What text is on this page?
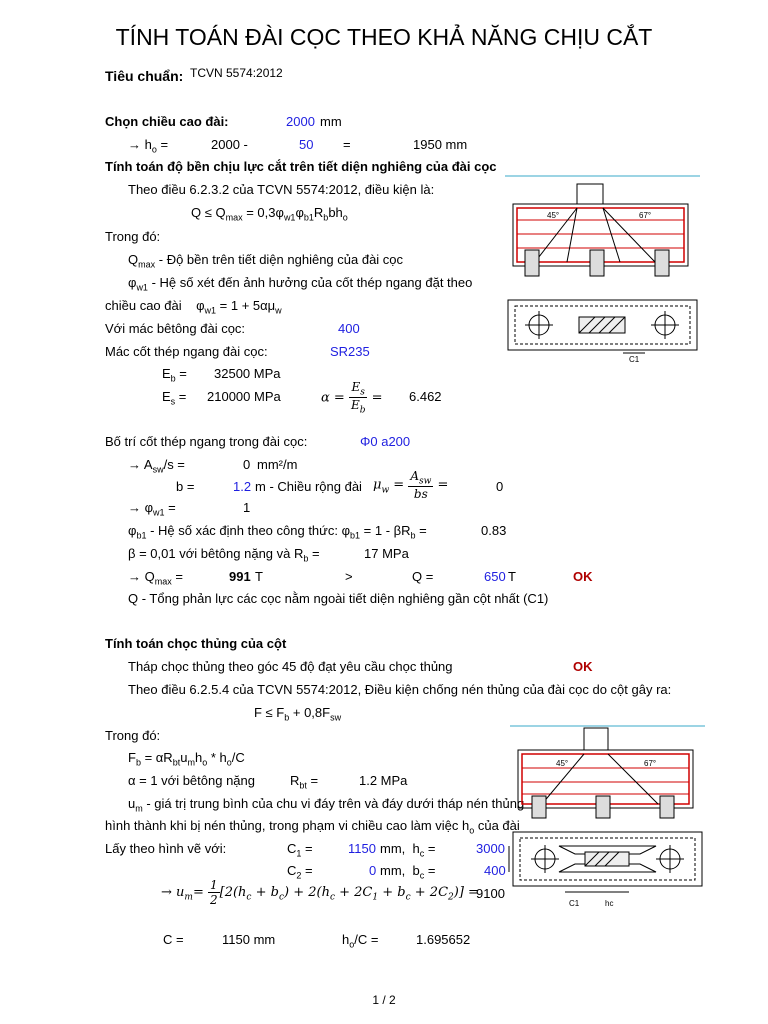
TÍNH TOÁN ĐÀI CỌC THEO KHẢ NĂNG CHỊU CẮT
Tiêu chuẩn: TCVN 5574:2012
Chọn chiều cao đài:	2000 mm
→ $h_o$ =	2000 -	50 =	1950 mm
Tính toán độ bền chịu lực cắt trên tiết diện nghiêng của đài cọc
Theo điều 6.2.3.2 của TCVN 5574:2012, điều kiện là:
$Q \le Q_{max} = 0,3\varphi_{w1}\varphi_{b1}R_bbh_o$
Trong đó:
$Q_{max}$ - Độ bền trên tiết diện nghiêng của đài cọc
$\varphi_{w1}$ - Hệ số xét đến ảnh hưởng của cốt thép ngang đặt theo
chiều cao đài    $\varphi_{w1} = 1 + 5\alpha\mu_w$
Với mác bêtông đài cọc:	400
Mác cốt thép ngang đài cọc:	SR235
$E_b = 32500$ MPa
$E_s = 210000$ MPa	$\alpha = \frac{E_s}{E_b} = 6.462$
Bố trí cốt thép ngang trong đài cọc:	Φ0 a200
→ $A_{sw}/s$ =	0 mm²/m
b =	1.2 m - Chiều rộng đài $\mu_w = \frac{A_{sw}}{bs}$ =	0
→ $\varphi_{w1}$ =	1
$\varphi_{b1}$ - Hệ số xác định theo công thức: $\varphi_{b1} = 1 - \beta R_b$ =	0.83
β = 0,01 với bêtông nặng và $R_b$ =	17 MPa
→ $Q_{max}$ =	991 T	>	Q =	650 T	OK
Q - Tổng phản lực các cọc nằm ngoài tiết diện nghiêng gần cột nhất (C1)
Tính toán chọc thủng của cột
Tháp chọc thủng theo góc 45 độ đạt yêu cầu chọc thủng	OK
Theo điều 6.2.5.4 của TCVN 5574:2012, Điều kiện chống nén thủng của đài cọc do cột gây ra:
$F \le F_b + 0,8F_{sw}$
Trong đó:
$F_b = \alpha R_{bt}u_mh_o * h_o/C$
α = 1 với bêtông nặng	$R_{bt}$ =	1.2 MPa
$u_m$ - giá trị trung bình của chu vi đáy trên và đáy dưới tháp nén thủng
hình thành khi bị nén thủng, trong phạm vi chiều cao làm việc $h_o$ của đài
Lấy theo hình vẽ với:	$C_1$ =	1150 mm,  $h_c$ =	3000
$C_2$ =	0 mm,  $b_c$ =	400
→ $u_m= \frac{1}{2} [2(h_c + b_c) + 2(h_c + 2C_1 + b_c + 2C_2)]$ =
9100
C =	1150 mm	$h_o/C$ =	1.695652
45°	67°
C1
45°	67°
C1	hc
1 / 2
